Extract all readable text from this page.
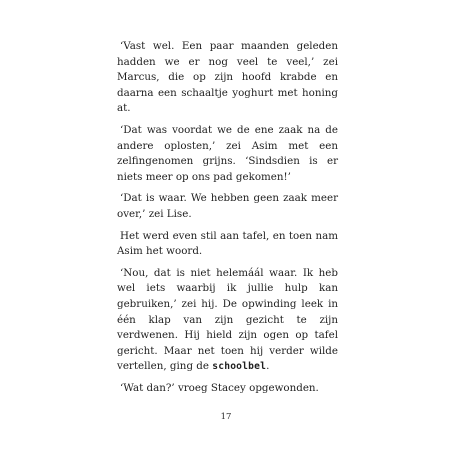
‘Vast wel. Een paar maanden geleden hadden we er nog veel te veel,’ zei Marcus, die op zijn hoofd krabde en daarna een schaaltje yoghurt met honing at.

‘Dat was voordat we de ene zaak na de andere oplosten,’ zei Asim met een zelfingenomen grijns. ‘Sindsdien is er niets meer op ons pad gekomen!’

‘Dat is waar. We hebben geen zaak meer over,’ zei Lise.

Het werd even stil aan tafel, en toen nam Asim het woord.

‘Nou, dat is niet helemáál waar. Ik heb wel iets waarbij ik jullie hulp kan gebruiken,’ zei hij. De opwinding leek in één klap van zijn gezicht te zijn verdwenen. Hij hield zijn ogen op tafel gericht. Maar net toen hij verder wilde vertellen, ging de schoolbel.

‘Wat dan?’ vroeg Stacey opgewonden.

17
